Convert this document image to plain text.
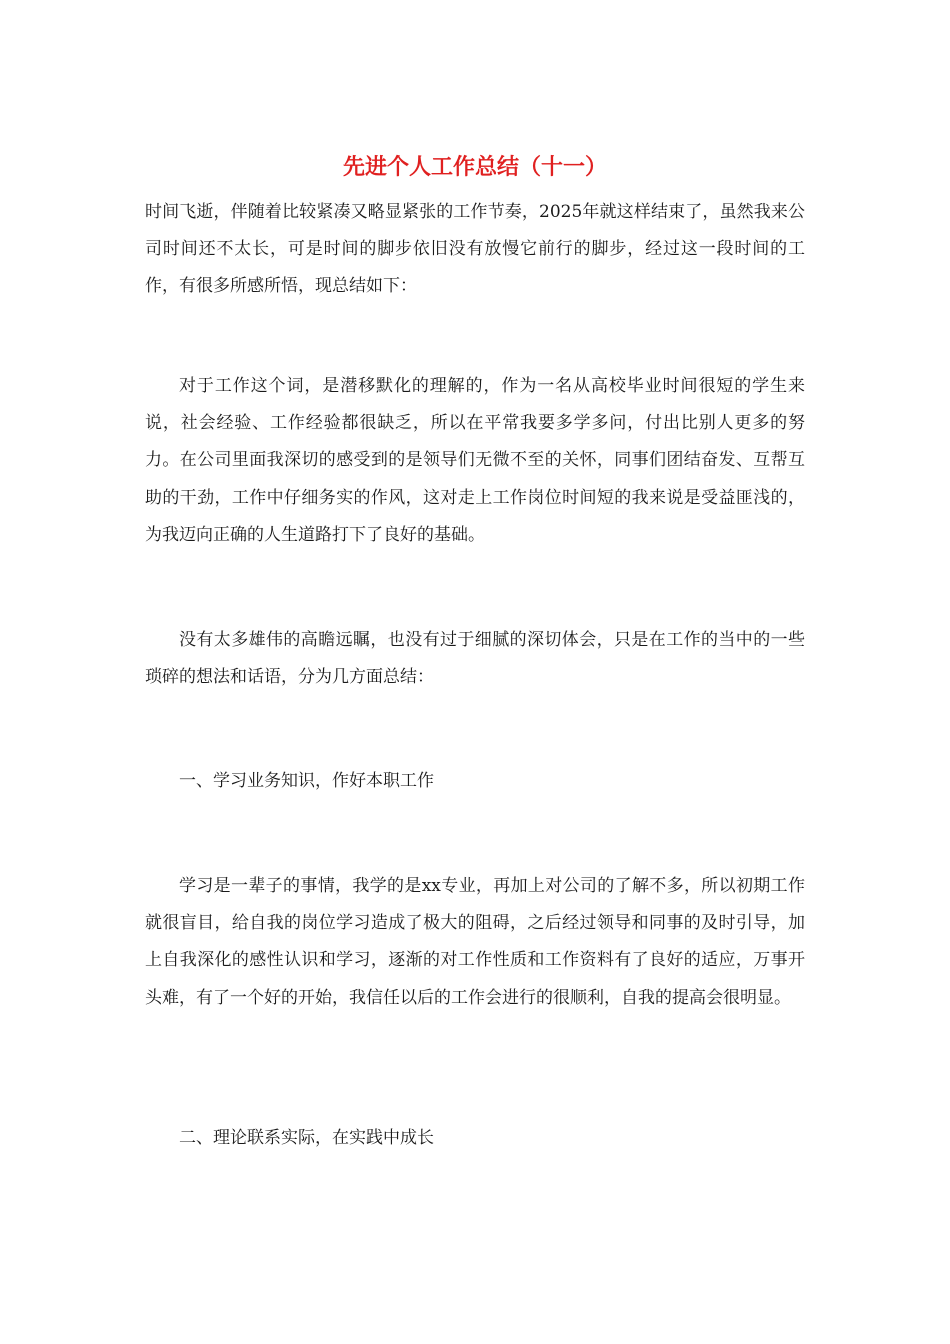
先进个人工作总结（十一）

时间飞逝，伴随着比较紧凑又略显紧张的工作节奏，2025年就这样结束了，虽然我来公司时间还不太长，可是时间的脚步依旧没有放慢它前行的脚步，经过这一段时间的工作，有很多所感所悟，现总结如下：

对于工作这个词，是潜移默化的理解的，作为一名从高校毕业时间很短的学生来说，社会经验、工作经验都很缺乏，所以在平常我要多学多问，付出比别人更多的努力。在公司里面我深切的感受到的是领导们无微不至的关怀，同事们团结奋发、互帮互助的干劲，工作中仔细务实的作风，这对走上工作岗位时间短的我来说是受益匪浅的，为我迈向正确的人生道路打下了良好的基础。

没有太多雄伟的高瞻远瞩，也没有过于细腻的深切体会，只是在工作的当中的一些琐碎的想法和话语，分为几方面总结：

一、学习业务知识，作好本职工作

学习是一辈子的事情，我学的是xx专业，再加上对公司的了解不多，所以初期工作就很盲目，给自我的岗位学习造成了极大的阻碍，之后经过领导和同事的及时引导，加上自我深化的感性认识和学习，逐渐的对工作性质和工作资料有了良好的适应，万事开头难，有了一个好的开始，我信任以后的工作会进行的很顺利，自我的提高会很明显。

二、理论联系实际，在实践中成长
